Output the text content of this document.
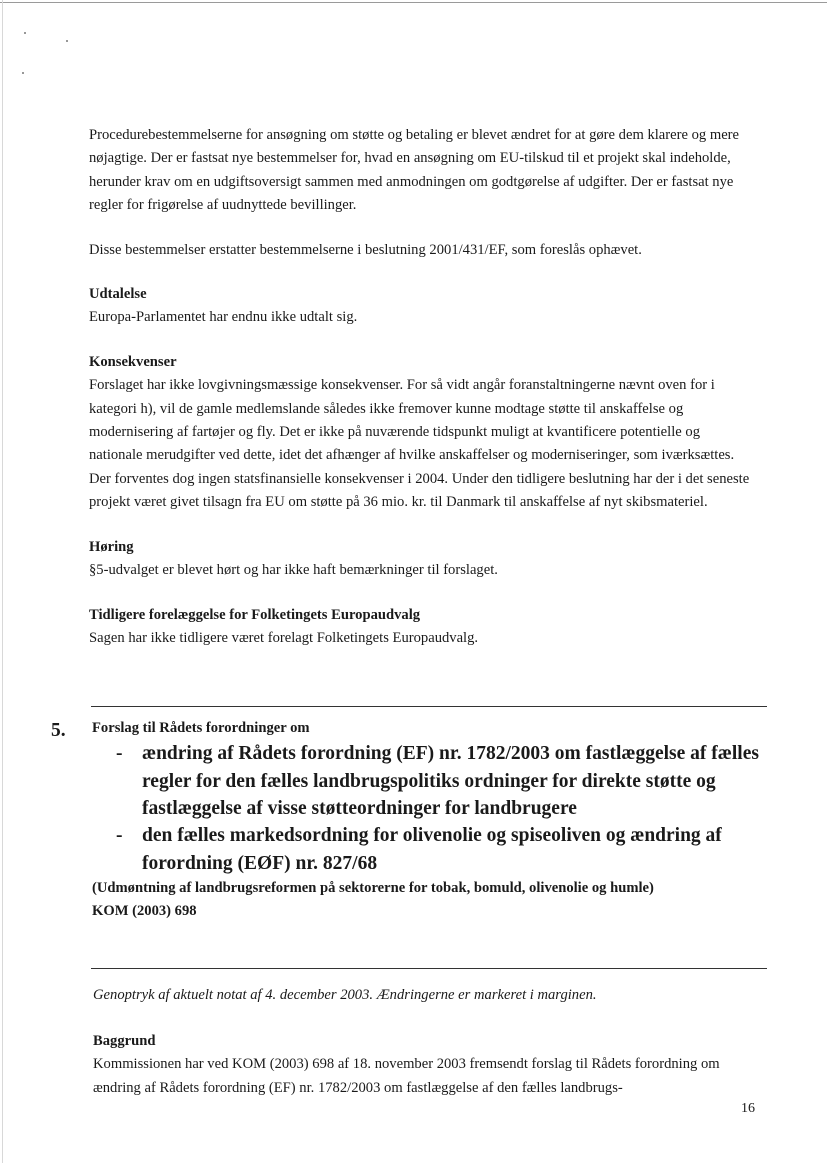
Procedurebestemmelserne for ansøgning om støtte og betaling er blevet ændret for at gøre dem klarere og mere nøjagtige. Der er fastsat nye bestemmelser for, hvad en ansøgning om EU-tilskud til et projekt skal indeholde, herunder krav om en udgiftsoversigt sammen med anmodningen om godtgørelse af udgifter. Der er fastsat nye regler for frigørelse af uudnyttede bevillinger.

Disse bestemmelser erstatter bestemmelserne i beslutning 2001/431/EF, som foreslås ophævet.

Udtalelse

Europa-Parlamentet har endnu ikke udtalt sig.

Konsekvenser

Forslaget har ikke lovgivningsmæssige konsekvenser. For så vidt angår foranstaltningerne nævnt oven for i kategori h), vil de gamle medlemslande således ikke fremover kunne modtage støtte til anskaffelse og modernisering af fartøjer og fly. Det er ikke på nuværende tidspunkt muligt at kvantificere potentielle og nationale merudgifter ved dette, idet det afhænger af hvilke anskaffelser og moderniseringer, som iværksættes. Der forventes dog ingen statsfinansielle konsekvenser i 2004. Under den tidligere beslutning har der i det seneste projekt været givet tilsagn fra EU om støtte på 36 mio. kr. til Danmark til anskaffelse af nyt skibsmateriel.

Høring

§5-udvalget er blevet hørt og har ikke haft bemærkninger til forslaget.

Tidligere forelæggelse for Folketingets Europaudvalg

Sagen har ikke tidligere været forelagt Folketingets Europaudvalg.

5. Forslag til Rådets forordninger om

-	ændring af Rådets forordning (EF) nr. 1782/2003 om fastlæggelse af fælles regler for den fælles landbrugspolitiks ordninger for direkte støtte og fastlæggelse af visse støtteordninger for landbrugere
-	den fælles markedsordning for olivenolie og spiseoliven og ændring af forordning (EØF) nr. 827/68

(Udmøntning af landbrugsreformen på sektorerne for tobak, bomuld, olivenolie og humle)

KOM (2003) 698

Genoptryk af aktuelt notat af 4. december 2003. Ændringerne er markeret i marginen.

Baggrund

Kommissionen har ved KOM (2003) 698 af 18. november 2003 fremsendt forslag til Rådets forordning om ændring af Rådets forordning (EF) nr. 1782/2003 om fastlæggelse af den fælles landbrugs-

16
